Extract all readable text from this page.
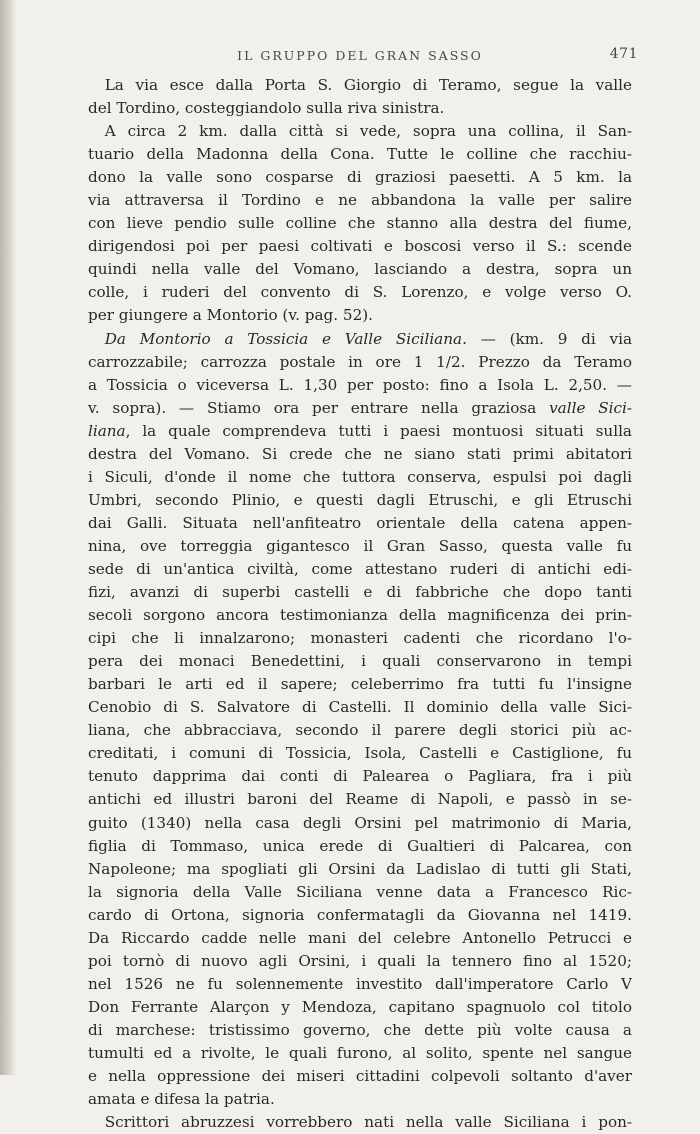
IL GRUPPO DEL GRAN SASSO	471
La via esce dalla Porta S. Giorgio di Teramo, segue la valle
del Tordino, costeggiandolo sulla riva sinistra.
A circa 2 km. dalla città si vede, sopra una collina, il San-
tuario della Madonna della Cona. Tutte le colline che racchiu-
dono la valle sono cosparse di graziosi paesetti. A 5 km. la
via attraversa il Tordino e ne abbandona la valle per salire
con lieve pendio sulle colline che stanno alla destra del fiume,
dirigendosi poi per paesi coltivati e boscosi verso il S.: scende
quindi nella valle del Vomano, lasciando a destra, sopra un
colle, i ruderi del convento di S. Lorenzo, e volge verso O.
per giungere a Montorio (v. pag. 52).
Da Montorio a Tossicia e Valle Siciliana. — (km. 9 di via
carrozzabile; carrozza postale in ore 1 1/2. Prezzo da Teramo
a Tossicia o viceversa L. 1,30 per posto: fino a Isola L. 2,50. —
v. sopra). — Stiamo ora per entrare nella graziosa valle Sici-
liana, la quale comprendeva tutti i paesi montuosi situati sulla
destra del Vomano. Si crede che ne siano stati primi abitatori
i Siculi, d'onde il nome che tuttora conserva, espulsi poi dagli
Umbri, secondo Plinio, e questi dagli Etruschi, e gli Etruschi
dai Galli. Situata nell'anfiteatro orientale della catena appen-
nina, ove torreggia gigantesco il Gran Sasso, questa valle fu
sede di un'antica civiltà, come attestano ruderi di antichi edi-
fizi, avanzi di superbi castelli e di fabbriche che dopo tanti
secoli sorgono ancora testimonianza della magnificenza dei prin-
cipi che li innalzarono; monasteri cadenti che ricordano l'o-
pera dei monaci Benedettini, i quali conservarono in tempi
barbari le arti ed il sapere; celeberrimo fra tutti fu l'insigne
Cenobio di S. Salvatore di Castelli. Il dominio della valle Sici-
liana, che abbracciava, secondo il parere degli storici più ac-
creditati, i comuni di Tossicia, Isola, Castelli e Castiglione, fu
tenuto dapprima dai conti di Palearea o Pagliara, fra i più
antichi ed illustri baroni del Reame di Napoli, e passò in se-
guito (1340) nella casa degli Orsini pel matrimonio di Maria,
figlia di Tommaso, unica erede di Gualtieri di Palcarea, con
Napoleone; ma spogliati gli Orsini da Ladislao di tutti gli Stati,
la signoria della Valle Siciliana venne data a Francesco Ric-
cardo di Ortona, signoria confermatagli da Giovanna nel 1419.
Da Riccardo cadde nelle mani del celebre Antonello Petrucci e
poi tornò di nuovo agli Orsini, i quali la tennero fino al 1520;
nel 1526 ne fu solennemente investito dall'imperatore Carlo V
Don Ferrante Alarçon y Mendoza, capitano spagnuolo col titolo
di marchese: tristissimo governo, che dette più volte causa a
tumulti ed a rivolte, le quali furono, al solito, spente nel sangue
e nella oppressione dei miseri cittadini colpevoli soltanto d'aver
amata e difesa la patria.
Scrittori abruzzesi vorrebbero nati nella valle Siciliana i pon-
